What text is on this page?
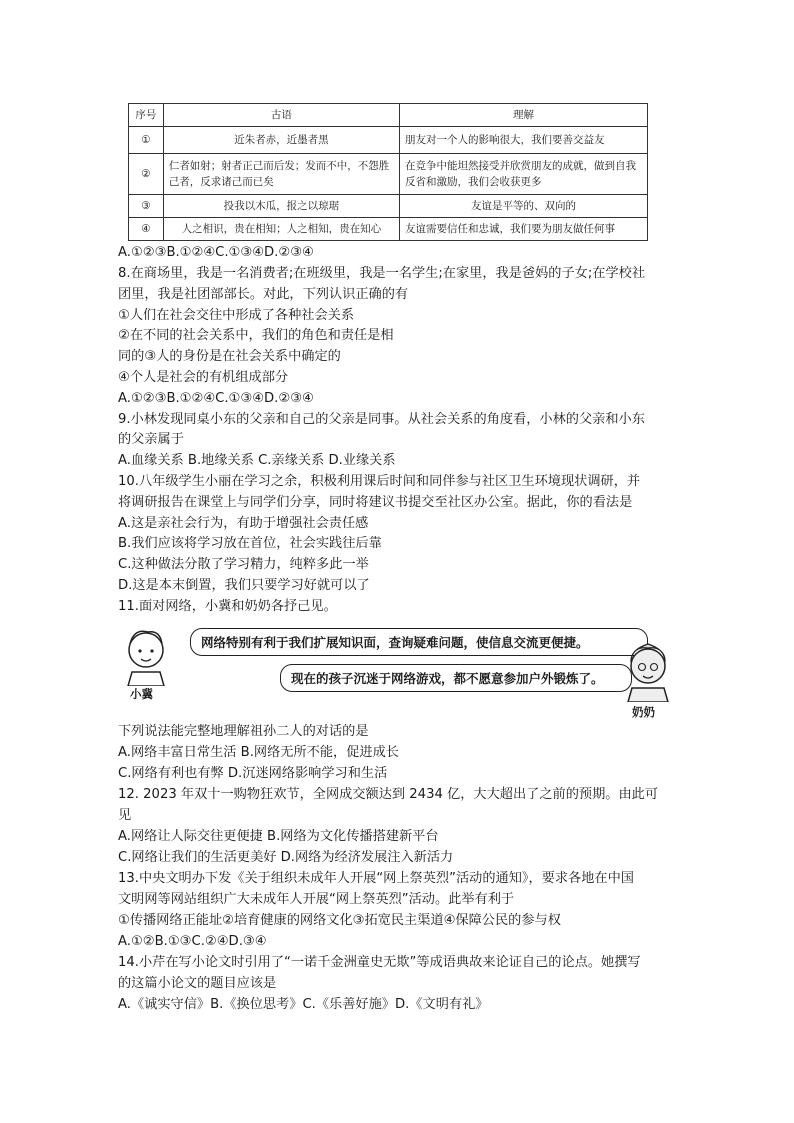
序号	古语	理解
①	近朱者赤，近墨者黑	朋友对一个人的影响很大，我们要善交益友
②	仁者如射；射者正己而后发；发而不中，不怨胜己者，反求诸己而已矣	在竞争中能坦然接受并欣赏朋友的成就，做到自我反省和激励，我们会收获更多
③	投我以木瓜，报之以琼琚	友谊是平等的、双向的
④	人之相识，贵在相知；人之相知，贵在知心	友谊需要信任和忠诚，我们要为朋友做任何事
A.①②③B.①②④C.①③④D.②③④
8.在商场里，我是一名消费者;在班级里，我是一名学生;在家里，我是爸妈的子女;在学校社
团里，我是社团部部长。对此，下列认识正确的有
①人们在社会交往中形成了各种社会关系
②在不同的社会关系中，我们的角色和责任是相
同的③人的身份是在社会关系中确定的
④个人是社会的有机组成部分
A.①②③B.①②④C.①③④D.②③④
9.小林发现同桌小东的父亲和自己的父亲是同事。从社会关系的角度看，小林的父亲和小东
的父亲属于
A.血缘关系 B.地缘关系 C.亲缘关系 D.业缘关系
10.八年级学生小丽在学习之余，积极利用课后时间和同伴参与社区卫生环境现状调研，并
将调研报告在课堂上与同学们分享，同时将建议书提交至社区办公室。据此，你的看法是
A.这是亲社会行为，有助于增强社会责任感
B.我们应该将学习放在首位，社会实践往后靠
C.这种做法分散了学习精力，纯粹多此一举
D.这是本末倒置，我们只要学习好就可以了
11.面对网络，小冀和奶奶各抒己见。
小冀
网络特别有利于我们扩展知识面，查询疑难问题，使信息交流更便捷。
现在的孩子沉迷于网络游戏，都不愿意参加户外锻炼了。
奶奶
下列说法能完整地理解祖孙二人的对话的是
A.网络丰富日常生活 B.网络无所不能，促进成长
C.网络有利也有弊 D.沉迷网络影响学习和生活
12. 2023 年双十一购物狂欢节，全网成交额达到 2434 亿，大大超出了之前的预期。由此可
见
A.网络让人际交往更便捷 B.网络为文化传播搭建新平台
C.网络让我们的生活更美好 D.网络为经济发展注入新活力
13.中央文明办下发《关于组织未成年人开展“网上祭英烈”活动的通知》，要求各地在中国
文明网等网站组织广大未成年人开展“网上祭英烈”活动。此举有利于
①传播网络正能址②培育健康的网络文化③拓宽民主渠道④保障公民的参与权
A.①②B.①③C.②④D.③④
14.小芹在写小论文时引用了“一诺千金洲童史无欺”等成语典故来论证自己的论点。她撰写
的这篇小论文的题目应该是
A.《诚实守信》B.《换位思考》C.《乐善好施》D.《文明有礼》
